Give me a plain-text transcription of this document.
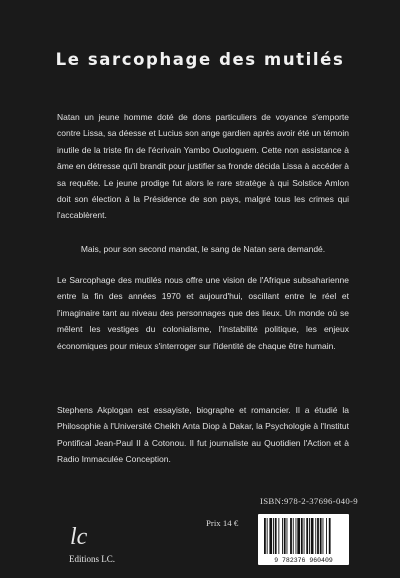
Le sarcophage des mutilés

Natan un jeune homme doté de dons particuliers de voyance s'emporte contre Lissa, sa déesse et Lucius son ange gardien après avoir été un témoin inutile de la triste fin de l'écrivain Yambo Ouologuem. Cette non assistance à âme en détresse qu'il brandit pour justifier sa fronde décida Lissa à accéder à sa requête. Le jeune prodige fut alors le rare stratège à qui Solstice Amlon doit son élection à la Présidence de son pays, malgré tous les crimes qui l'accablèrent.

Mais, pour son second mandat, le sang de Natan sera demandé.

Le Sarcophage des mutilés nous offre une vision de l'Afrique subsaharienne entre la fin des années 1970 et aujourd'hui, oscillant entre le réel et l'imaginaire tant au niveau des personnages que des lieux. Un monde où se mêlent les vestiges du colonialisme, l'instabilité politique, les enjeux économiques pour mieux s'interroger sur l'identité de chaque être humain.

Stephens Akplogan est essayiste, biographe et romancier. Il a étudié la Philosophie à l'Université Cheikh Anta Diop à Dakar, la Psychologie à l'Institut Pontifical Jean-Paul II à Cotonou. Il fut journaliste au Quotidien l'Action et à Radio Immaculée Conception.

lc
Editions LC.
Prix 14 €
ISBN:978-2-37696-040-9
9 782376 960409
